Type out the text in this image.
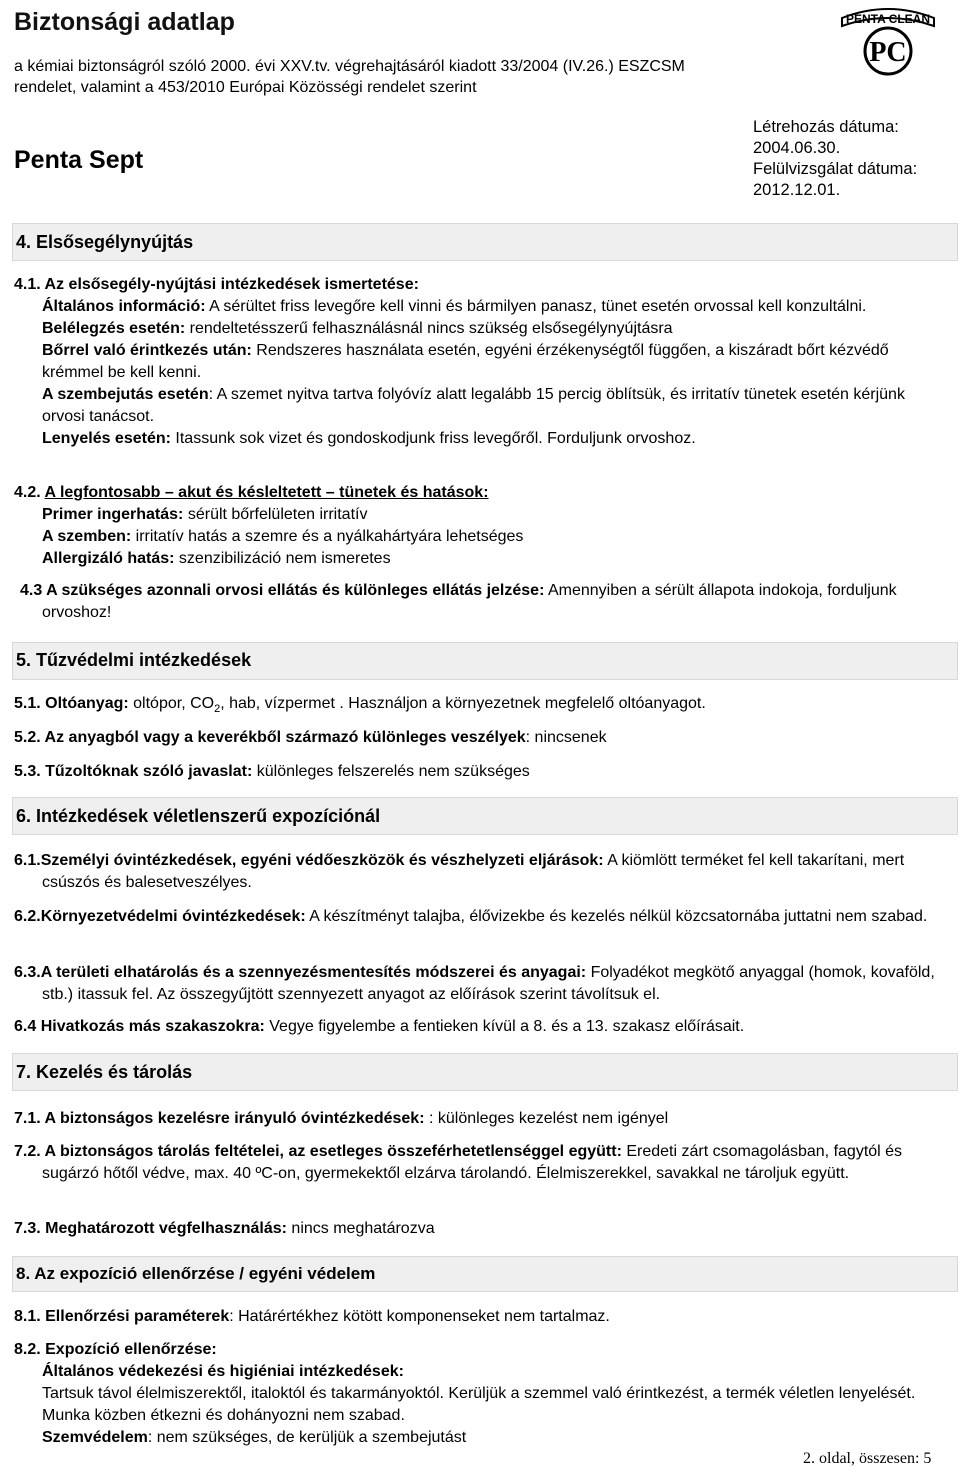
Biztonsági adatlap
a kémiai biztonságról szóló 2000. évi XXV.tv. végrehajtásáról kiadott 33/2004 (IV.26.) ESZCSM
rendelet, valamint a 453/2010 Európai Közösségi rendelet szerint
Penta Sept
Létrehozás dátuma:
2004.06.30.
Felülvizsgálat dátuma:
2012.12.01.
PENTA CLEAN
PC
4. Elsősegélynyújtás
4.1. Az elsősegély-nyújtási intézkedések ismertetése:
Általános információ: A sérültet friss levegőre kell vinni és bármilyen panasz, tünet esetén orvossal kell konzultálni.
Belélegzés esetén: rendeltetésszerű felhasználásnál nincs szükség elsősegélynyújtásra
Bőrrel való érintkezés után: Rendszeres használata esetén, egyéni érzékenységtől függően, a kiszáradt bőrt kézvédő krémmel be kell kenni.
A szembejutás esetén: A szemet nyitva tartva folyóvíz alatt legalább 15 percig öblítsük, és irritatív tünetek esetén kérjünk orvosi tanácsot.
Lenyelés esetén: Itassunk sok vizet és gondoskodjunk friss levegőről. Forduljunk orvoshoz.
4.2. A legfontosabb – akut és késleltetett – tünetek és hatások:
Primer ingerhatás: sérült bőrfelületen irritatív
A szemben: irritatív hatás a szemre és a nyálkahártyára lehetséges
Allergizáló hatás: szenzibilizáció nem ismeretes
4.3 A szükséges azonnali orvosi ellátás és különleges ellátás jelzése: Amennyiben a sérült állapota indokoja, forduljunk orvoshoz!
5. Tűzvédelmi intézkedések
5.1. Oltóanyag: oltópor, $CO_2$, hab, vízpermet . Használjon a környezetnek megfelelő oltóanyagot.
5.2. Az anyagból vagy a keverékből származó különleges veszélyek: nincsenek
5.3. Tűzoltóknak szóló javaslat: különleges felszerelés nem szükséges
6. Intézkedések véletlenszerű expozíciónál
6.1.Személyi óvintézkedések, egyéni védőeszközök és vészhelyzeti eljárások: A kiömlött terméket fel kell takarítani, mert csúszós és balesetveszélyes.
6.2.Környezetvédelmi óvintézkedések: A készítményt talajba, élővizekbe és kezelés nélkül közcsatornába juttatni nem szabad.
6.3.A területi elhatárolás és a szennyezésmentesítés módszerei és anyagai: Folyadékot megkötő anyaggal (homok, kovaföld, stb.) itassuk fel. Az összegyűjtött szennyezett anyagot az előírások szerint távolítsuk el.
6.4 Hivatkozás más szakaszokra: Vegye figyelembe a fentieken kívül a 8. és a 13. szakasz előírásait.
7. Kezelés és tárolás
7.1. A biztonságos kezelésre irányuló óvintézkedések: : különleges kezelést nem igényel
7.2. A biztonságos tárolás feltételei, az esetleges összeférhetetlenséggel együtt: Eredeti zárt csomagolásban, fagytól és sugárzó hőtől védve, max. 40 ºC-on, gyermekektől elzárva tárolandó. Élelmiszerekkel, savakkal ne tároljuk együtt.
7.3. Meghatározott végfelhasználás: nincs meghatározva
8. Az expozíció ellenőrzése / egyéni védelem
8.1. Ellenőrzési paraméterek: Határértékhez kötött komponenseket nem tartalmaz.
8.2. Expozíció ellenőrzése:
Általános védekezési és higiéniai intézkedések:
Tartsuk távol élelmiszerektől, italoktól és takarmányoktól. Kerüljük a szemmel való érintkezést, a termék véletlen lenyelését. Munka közben étkezni és dohányozni nem szabad.
Szemvédelem: nem szükséges, de kerüljük a szembejutást
2. oldal, összesen: 5
